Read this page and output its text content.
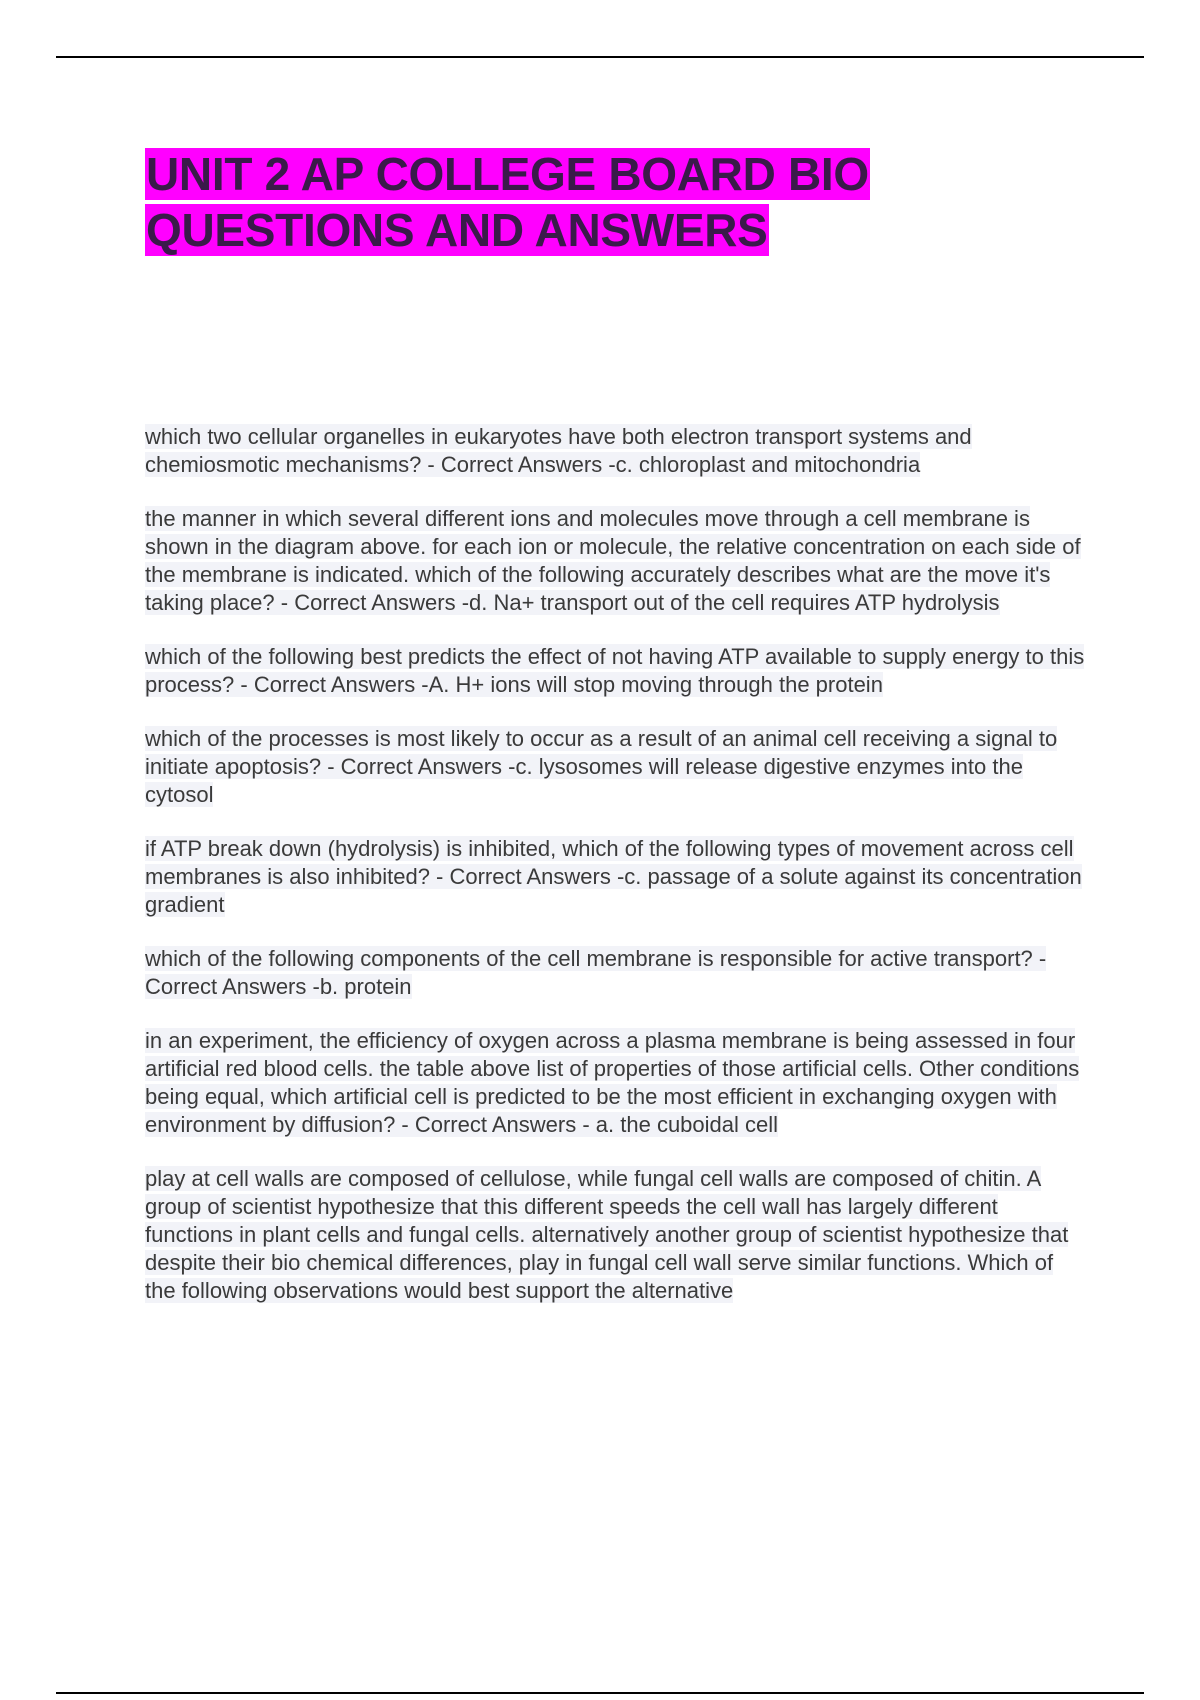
UNIT 2 AP COLLEGE BOARD BIO
QUESTIONS AND ANSWERS

which two cellular organelles in eukaryotes have both electron transport systems and chemiosmotic mechanisms? - Correct Answers -c. chloroplast and mitochondria

the manner in which several different ions and molecules move through a cell membrane is shown in the diagram above. for each ion or molecule, the relative concentration on each side of the membrane is indicated. which of the following accurately describes what are the move it's taking place? - Correct Answers -d. Na+ transport out of the cell requires ATP hydrolysis

which of the following best predicts the effect of not having ATP available to supply energy to this process? - Correct Answers -A. H+ ions will stop moving through the protein

which of the processes is most likely to occur as a result of an animal cell receiving a signal to initiate apoptosis? - Correct Answers -c. lysosomes will release digestive enzymes into the cytosol

if ATP break down (hydrolysis) is inhibited, which of the following types of movement across cell membranes is also inhibited? - Correct Answers -c. passage of a solute against its concentration gradient

which of the following components of the cell membrane is responsible for active transport? - Correct Answers -b. protein

in an experiment, the efficiency of oxygen across a plasma membrane is being assessed in four artificial red blood cells. the table above list of properties of those artificial cells. Other conditions being equal, which artificial cell is predicted to be the most efficient in exchanging oxygen with environment by diffusion? - Correct Answers - a. the cuboidal cell

play at cell walls are composed of cellulose, while fungal cell walls are composed of chitin. A group of scientist hypothesize that this different speeds the cell wall has largely different functions in plant cells and fungal cells. alternatively another group of scientist hypothesize that despite their bio chemical differences, play in fungal cell wall serve similar functions. Which of the following observations would best support the alternative
